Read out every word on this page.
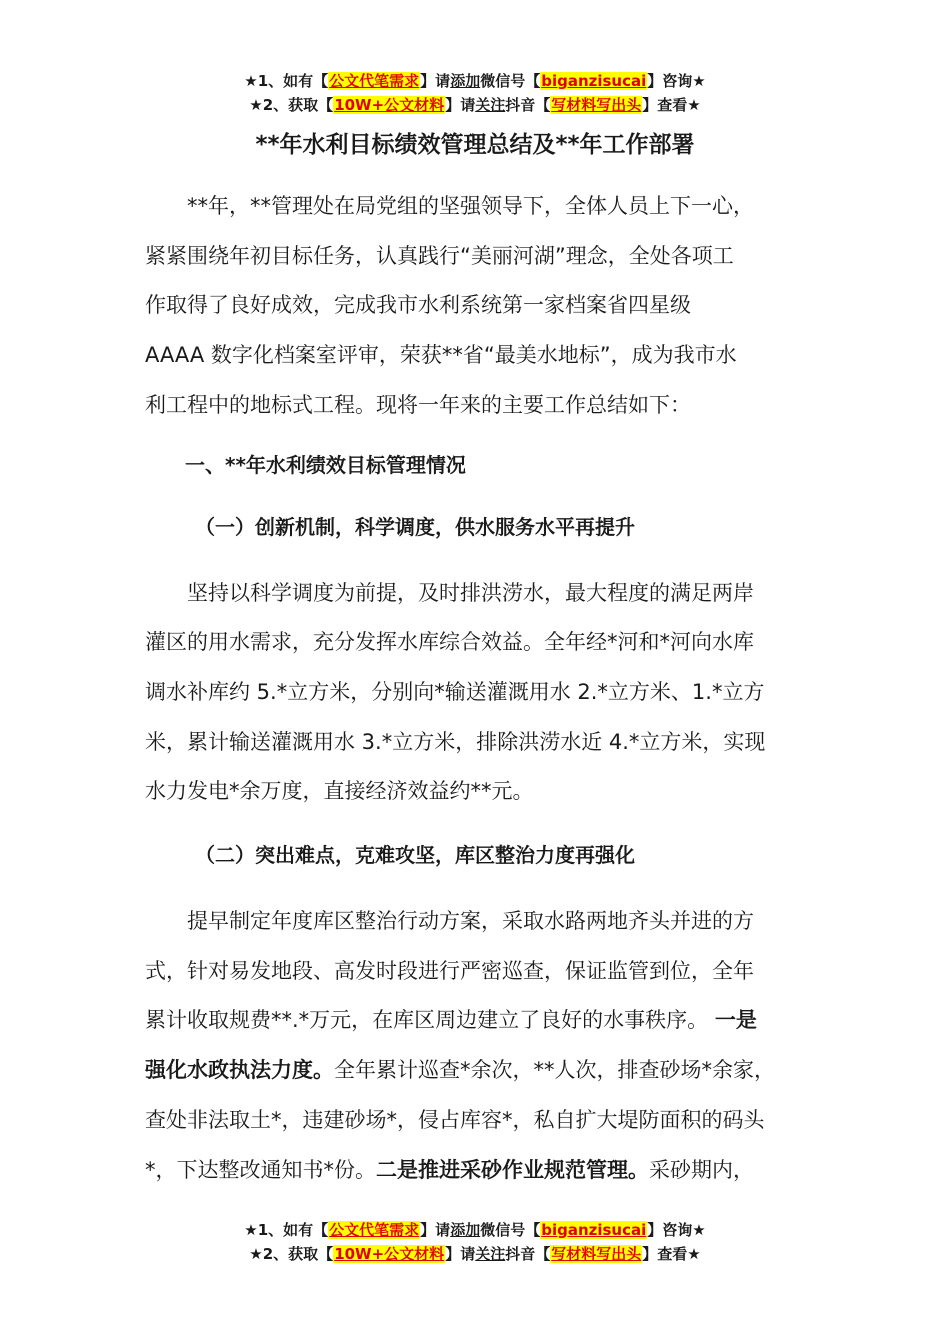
★1、如有【公文代笔需求】请添加微信号【biganzisucai】咨询★
★2、获取【10W+公文材料】请关注抖音【写材料写出头】查看★
**年水利目标绩效管理总结及**年工作部署

**年，**管理处在局党组的坚强领导下，全体人员上下一心，
紧紧围绕年初目标任务，认真践行“美丽河湖”理念，全处各项工
作取得了良好成效，完成我市水利系统第一家档案省四星级
AAAA 数字化档案室评审，荣获**省“最美水地标”，成为我市水
利工程中的地标式工程。现将一年来的主要工作总结如下：

一、**年水利绩效目标管理情况

（一）创新机制，科学调度，供水服务水平再提升

坚持以科学调度为前提，及时排洪涝水，最大程度的满足两岸
灌区的用水需求，充分发挥水库综合效益。全年经*河和*河向水库
调水补库约 5.*立方米，分别向*输送灌溉用水 2.*立方米、1.*立方
米，累计输送灌溉用水 3.*立方米，排除洪涝水近 4.*立方米，实现
水力发电*余万度，直接经济效益约**元。

（二）突出难点，克难攻坚，库区整治力度再强化

提早制定年度库区整治行动方案，采取水路两地齐头并进的方
式，针对易发地段、高发时段进行严密巡查，保证监管到位，全年
累计收取规费**.*万元，在库区周边建立了良好的水事秩序。 一是
强化水政执法力度。全年累计巡查*余次，**人次，排查砂场*余家，
查处非法取土*，违建砂场*，侵占库容*，私自扩大堤防面积的码头
*，下达整改通知书*份。二是推进采砂作业规范管理。采砂期内，

★1、如有【公文代笔需求】请添加微信号【biganzisucai】咨询★
★2、获取【10W+公文材料】请关注抖音【写材料写出头】查看★
